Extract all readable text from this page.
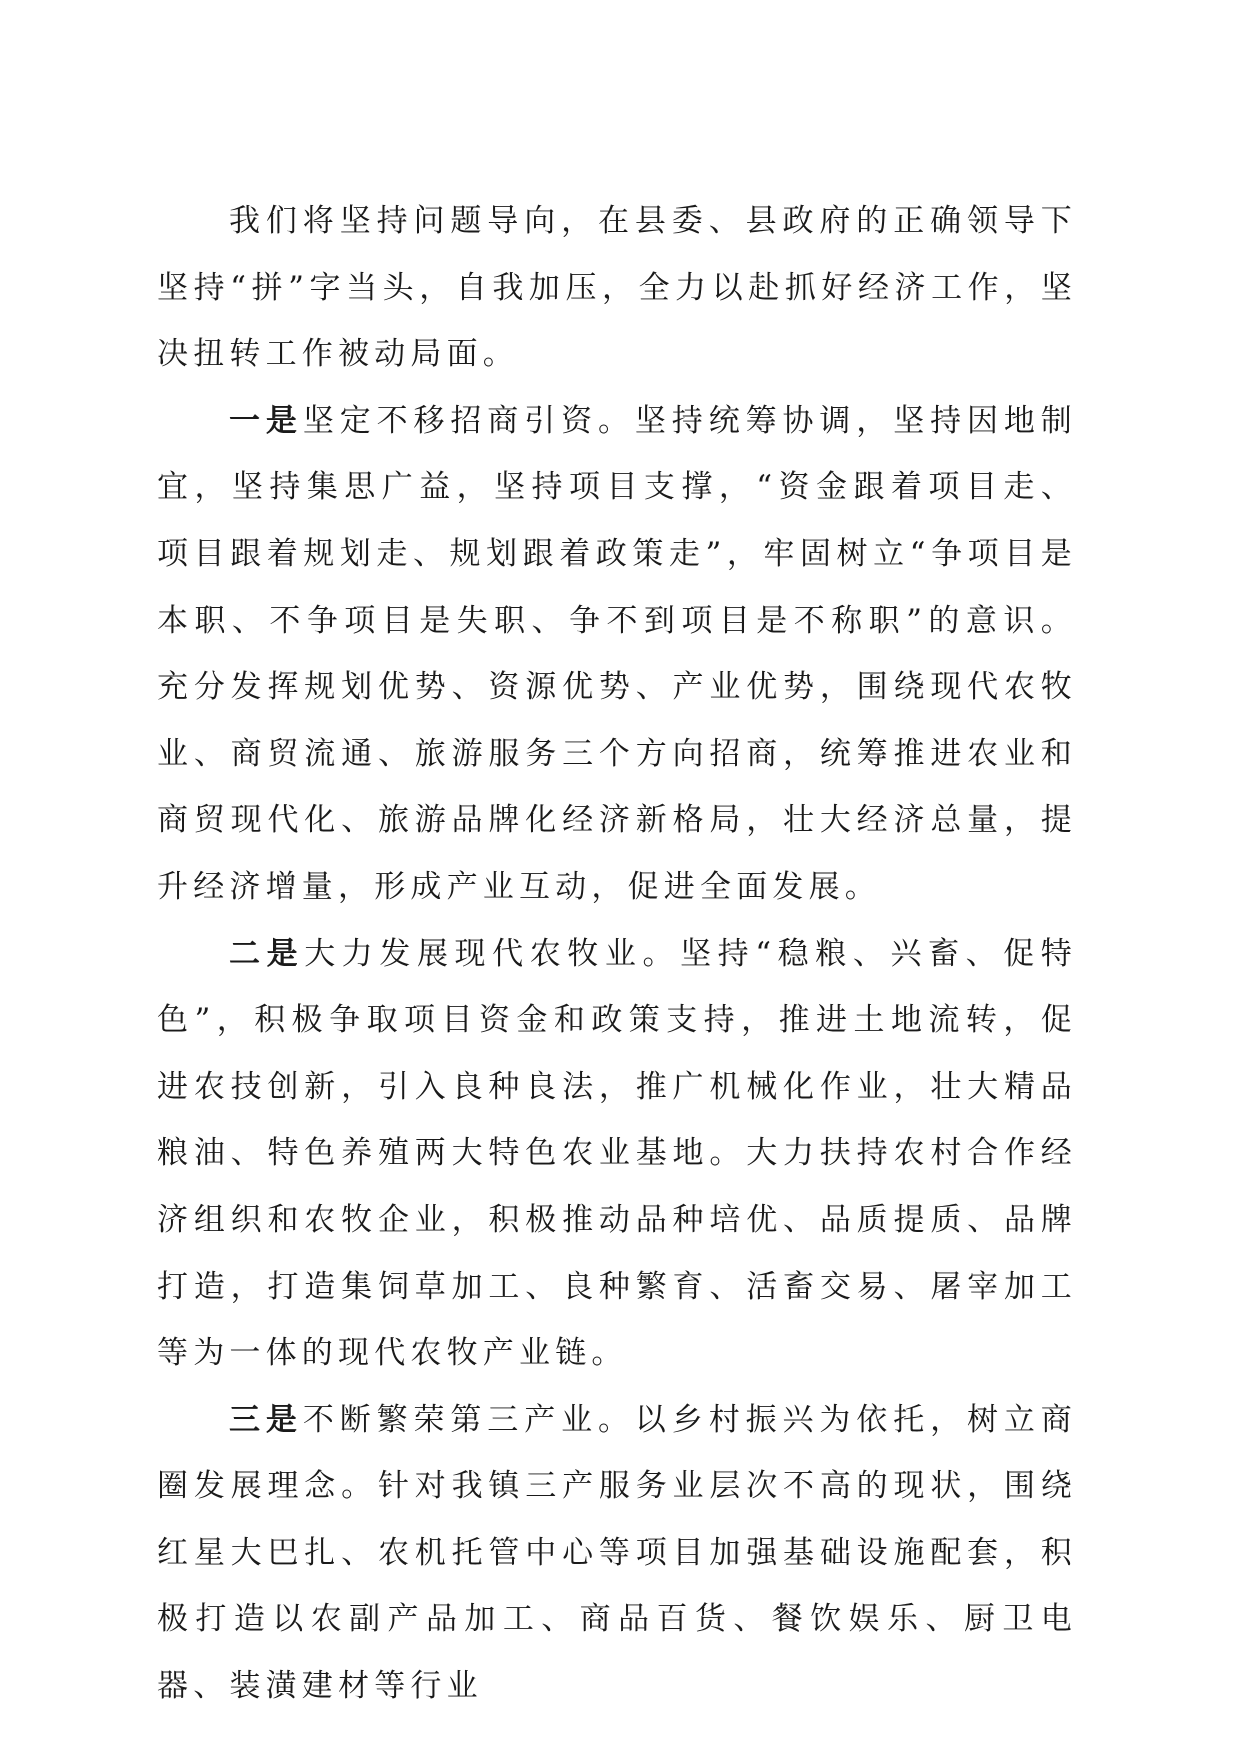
我们将坚持问题导向，在县委、县政府的正确领导下坚持“拼”字当头，自我加压，全力以赴抓好经济工作，坚决扭转工作被动局面。

一是坚定不移招商引资。坚持统筹协调，坚持因地制宜，坚持集思广益，坚持项目支撑，“资金跟着项目走、项目跟着规划走、规划跟着政策走”，牢固树立“争项目是本职、不争项目是失职、争不到项目是不称职”的意识。充分发挥规划优势、资源优势、产业优势，围绕现代农牧业、商贸流通、旅游服务三个方向招商，统筹推进农业和商贸现代化、旅游品牌化经济新格局，壮大经济总量，提升经济增量，形成产业互动，促进全面发展。

二是大力发展现代农牧业。坚持“稳粮、兴畜、促特色”，积极争取项目资金和政策支持，推进土地流转，促进农技创新，引入良种良法，推广机械化作业，壮大精品粮油、特色养殖两大特色农业基地。大力扶持农村合作经济组织和农牧企业，积极推动品种培优、品质提质、品牌打造，打造集饲草加工、良种繁育、活畜交易、屠宰加工等为一体的现代农牧产业链。

三是不断繁荣第三产业。以乡村振兴为依托，树立商圈发展理念。针对我镇三产服务业层次不高的现状，围绕红星大巴扎、农机托管中心等项目加强基础设施配套，积极打造以农副产品加工、商品百货、餐饮娱乐、厨卫电器、装潢建材等行业
